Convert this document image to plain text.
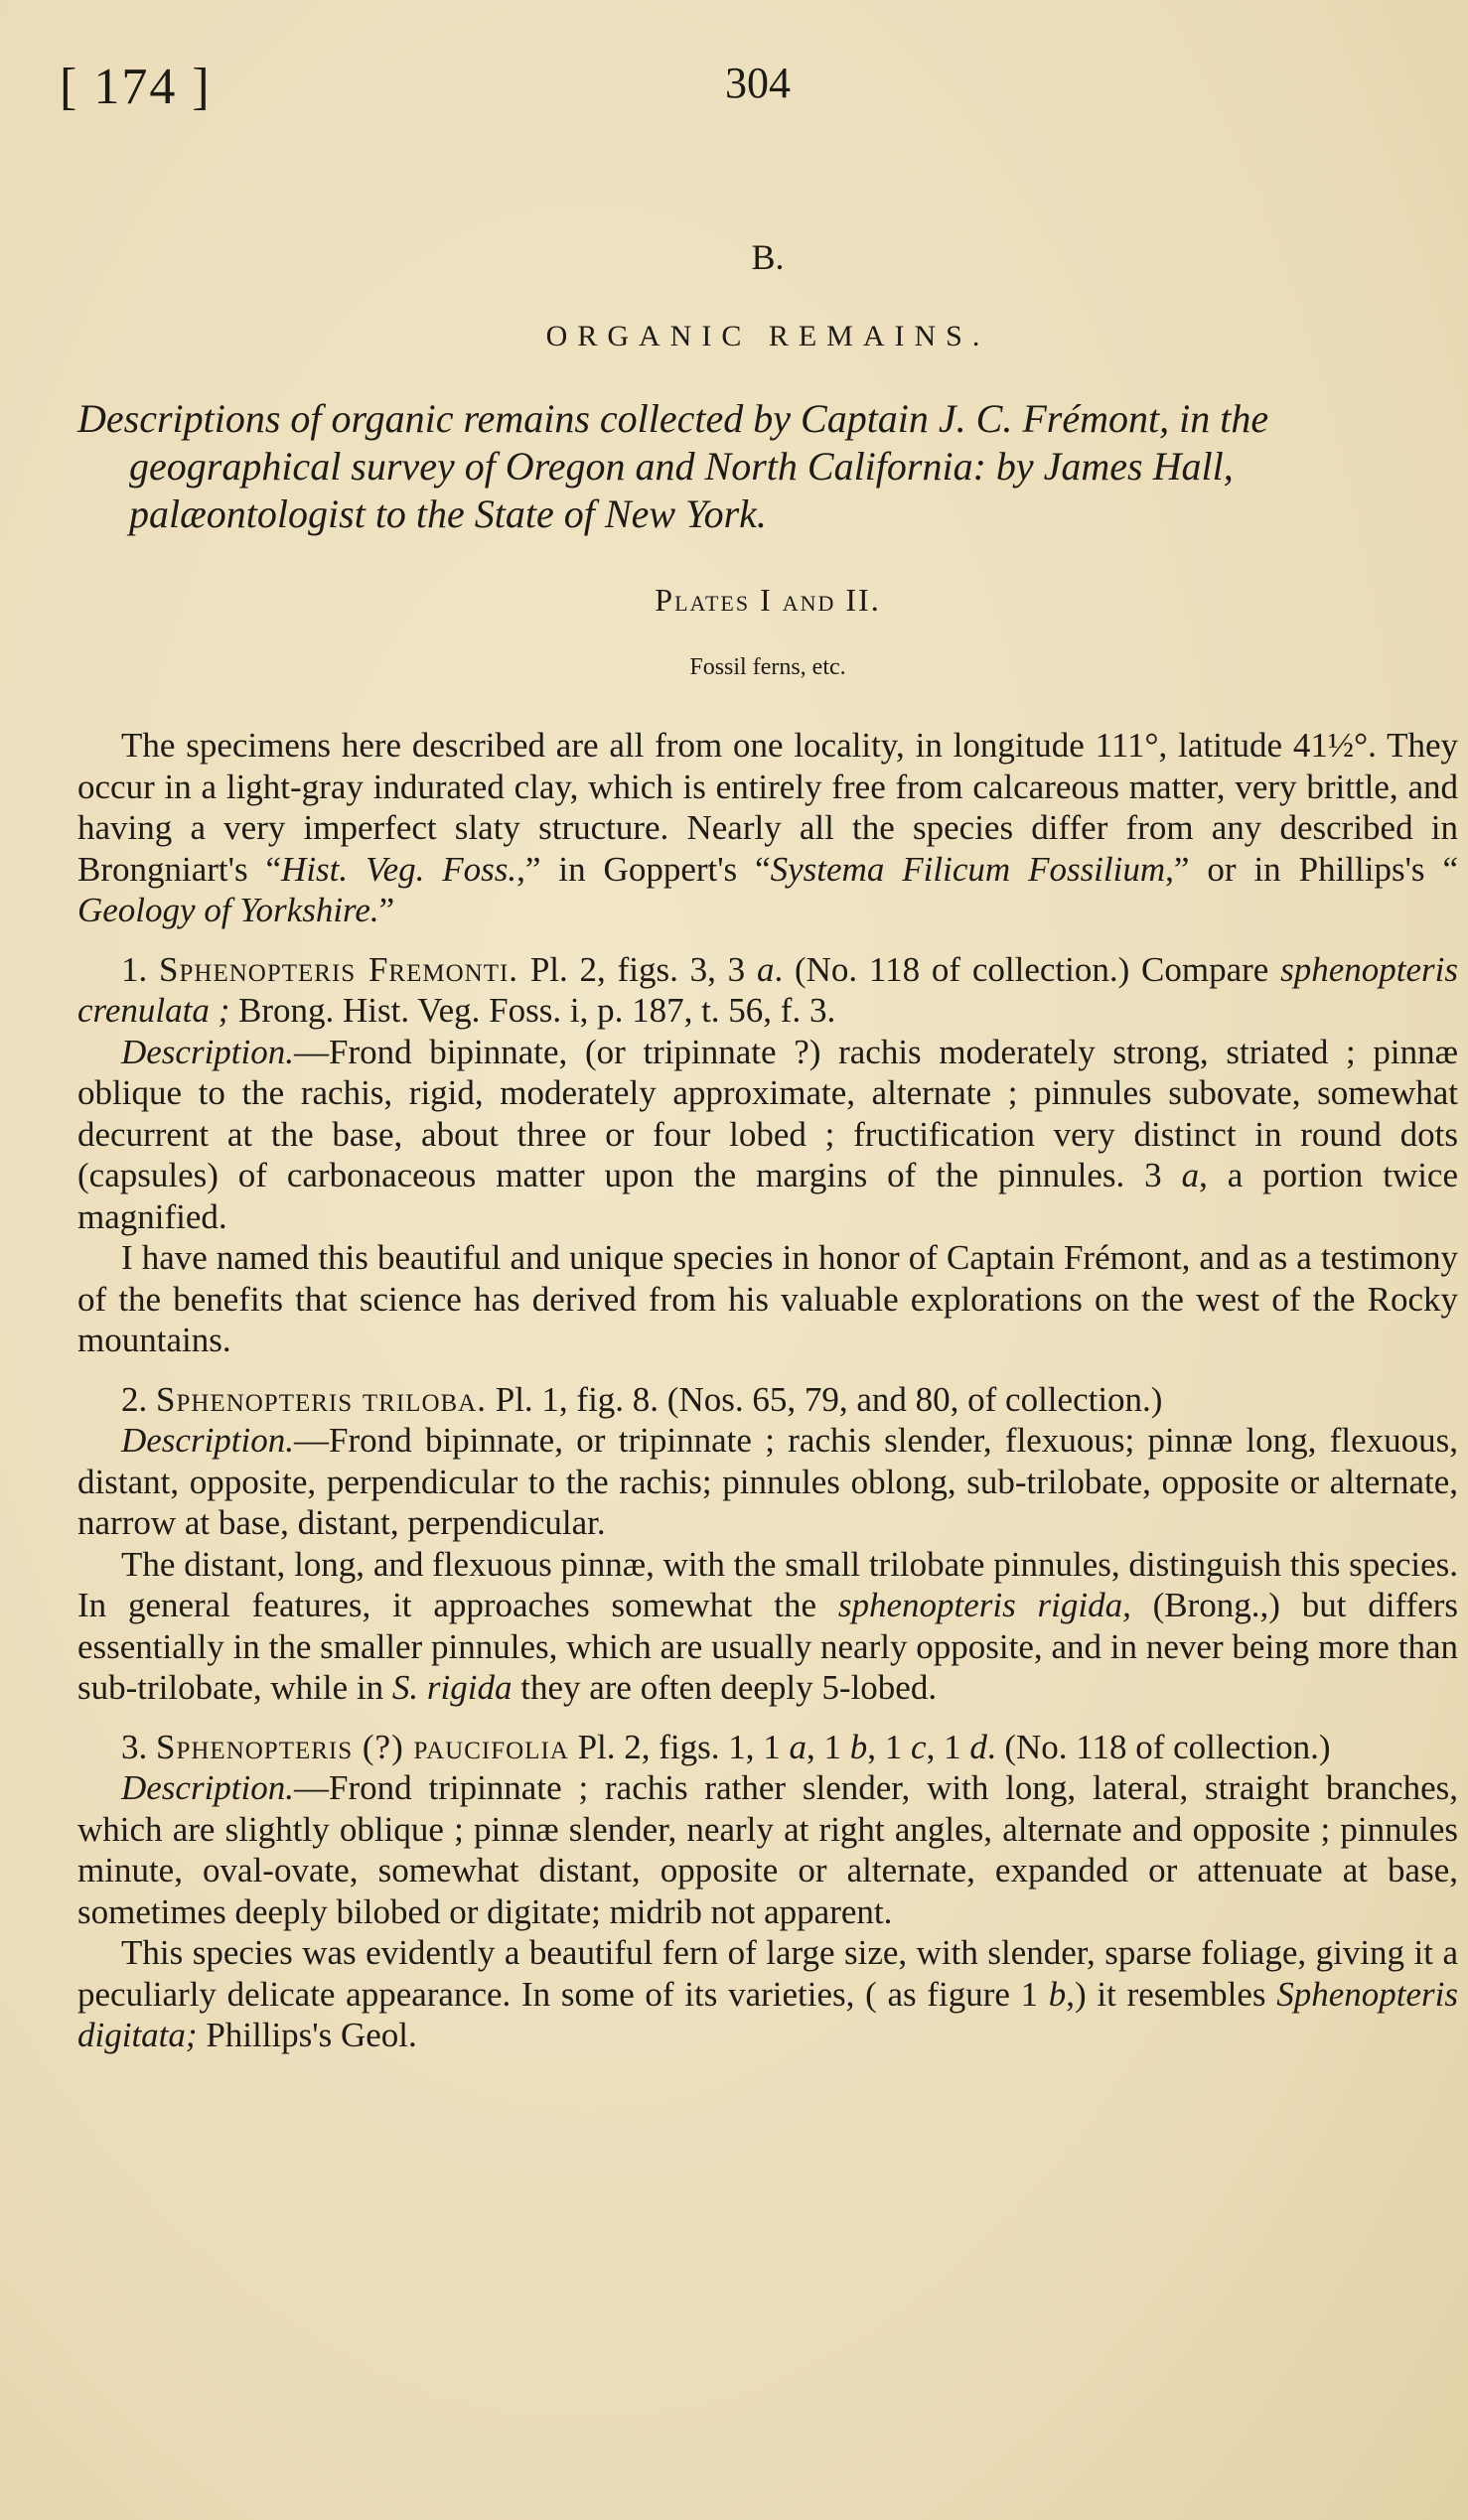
[ 174 ]	304
B.
ORGANIC REMAINS.
Descriptions of organic remains collected by Captain J. C. Frémont, in the geographical survey of Oregon and North California: by James Hall, palæontologist to the State of New York.
Plates I and II.
Fossil ferns, etc.

The specimens here described are all from one locality, in longitude 111°, latitude 41½°. They occur in a light-gray indurated clay, which is entirely free from calcareous matter, very brittle, and having a very imperfect slaty structure. Nearly all the species differ from any described in Brongniart's “Hist. Veg. Foss.,” in Goppert's “Systema Filicum Fossilium,” or in Phillips's “ Geology of Yorkshire.”

1. Sphenopteris Fremonti. Pl. 2, figs. 3, 3 a. (No. 118 of collection.) Compare sphenopteris crenulata ; Brong. Hist. Veg. Foss. i, p. 187, t. 56, f. 3.

Description.—Frond bipinnate, (or tripinnate ?) rachis moderately strong, striated ; pinnæ oblique to the rachis, rigid, moderately approximate, alternate ; pinnules subovate, somewhat decurrent at the base, about three or four lobed ; fructification very distinct in round dots (capsules) of carbonaceous matter upon the margins of the pinnules. 3 a, a portion twice magnified.

I have named this beautiful and unique species in honor of Captain Frémont, and as a testimony of the benefits that science has derived from his valuable explorations on the west of the Rocky mountains.

2. Sphenopteris triloba. Pl. 1, fig. 8. (Nos. 65, 79, and 80, of collection.)

Description.—Frond bipinnate, or tripinnate ; rachis slender, flexuous; pinnæ long, flexuous, distant, opposite, perpendicular to the rachis; pinnules oblong, sub-trilobate, opposite or alternate, narrow at base, distant, perpendicular.

The distant, long, and flexuous pinnæ, with the small trilobate pinnules, distinguish this species. In general features, it approaches somewhat the sphenopteris rigida, (Brong.,) but differs essentially in the smaller pinnules, which are usually nearly opposite, and in never being more than sub-trilobate, while in S. rigida they are often deeply 5-lobed.

3. Sphenopteris (?) paucifolia Pl. 2, figs. 1, 1 a, 1 b, 1 c, 1 d. (No. 118 of collection.)

Description.—Frond tripinnate ; rachis rather slender, with long, lateral, straight branches, which are slightly oblique ; pinnæ slender, nearly at right angles, alternate and opposite ; pinnules minute, oval-ovate, somewhat distant, opposite or alternate, expanded or attenuate at base, sometimes deeply bilobed or digitate; midrib not apparent.

This species was evidently a beautiful fern of large size, with slender, sparse foliage, giving it a peculiarly delicate appearance. In some of its varieties, ( as figure 1 b,) it resembles Sphenopteris digitata; Phillips's Geol.
